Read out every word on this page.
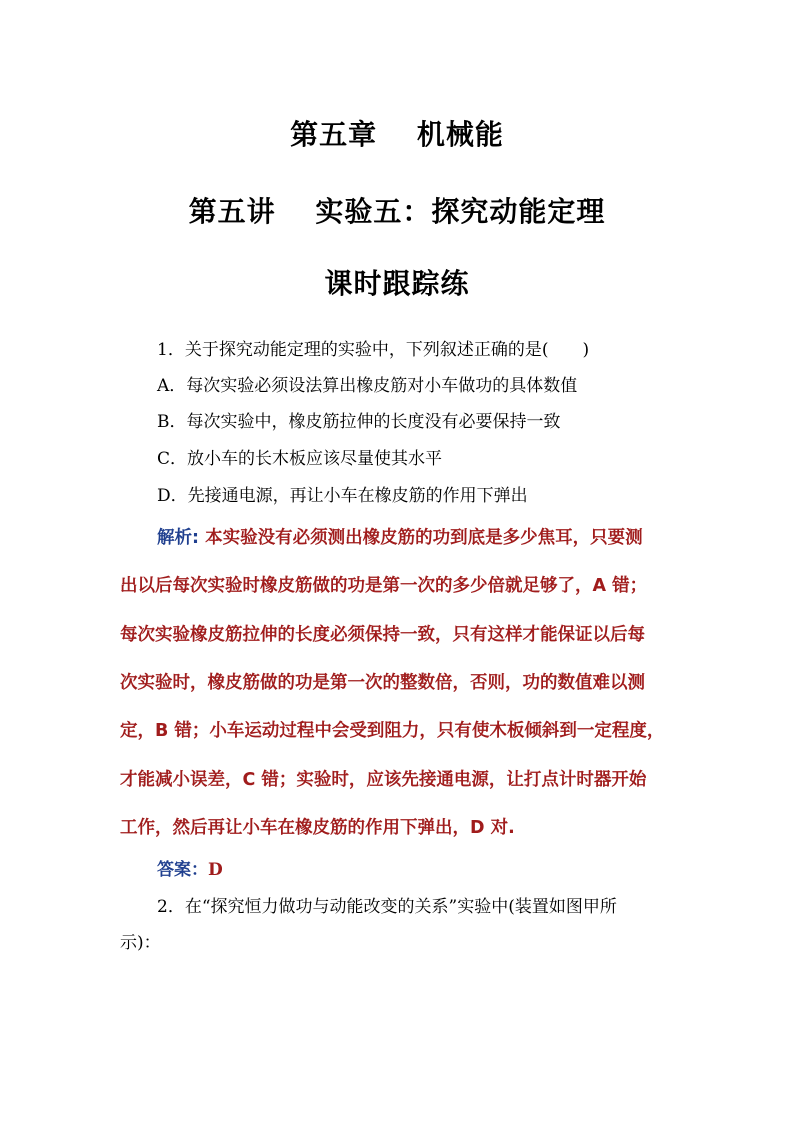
第五章　 机械能
第五讲　 实验五：探究动能定理
课时跟踪练
1．关于探究动能定理的实验中，下列叙述正确的是(　　)
A．每次实验必须设法算出橡皮筋对小车做功的具体数值
B．每次实验中，橡皮筋拉伸的长度没有必要保持一致
C．放小车的长木板应该尽量使其水平
D．先接通电源，再让小车在橡皮筋的作用下弹出
解析: 本实验没有必须测出橡皮筋的功到底是多少焦耳，只要测
出以后每次实验时橡皮筋做的功是第一次的多少倍就足够了，A 错；
每次实验橡皮筋拉伸的长度必须保持一致，只有这样才能保证以后每
次实验时，橡皮筋做的功是第一次的整数倍，否则，功的数值难以测
定，B 错；小车运动过程中会受到阻力，只有使木板倾斜到一定程度，
才能减小误差，C 错；实验时，应该先接通电源，让打点计时器开始
工作，然后再让小车在橡皮筋的作用下弹出，D 对.
答案：D
2．在“探究恒力做功与动能改变的关系”实验中(装置如图甲所
示)：
